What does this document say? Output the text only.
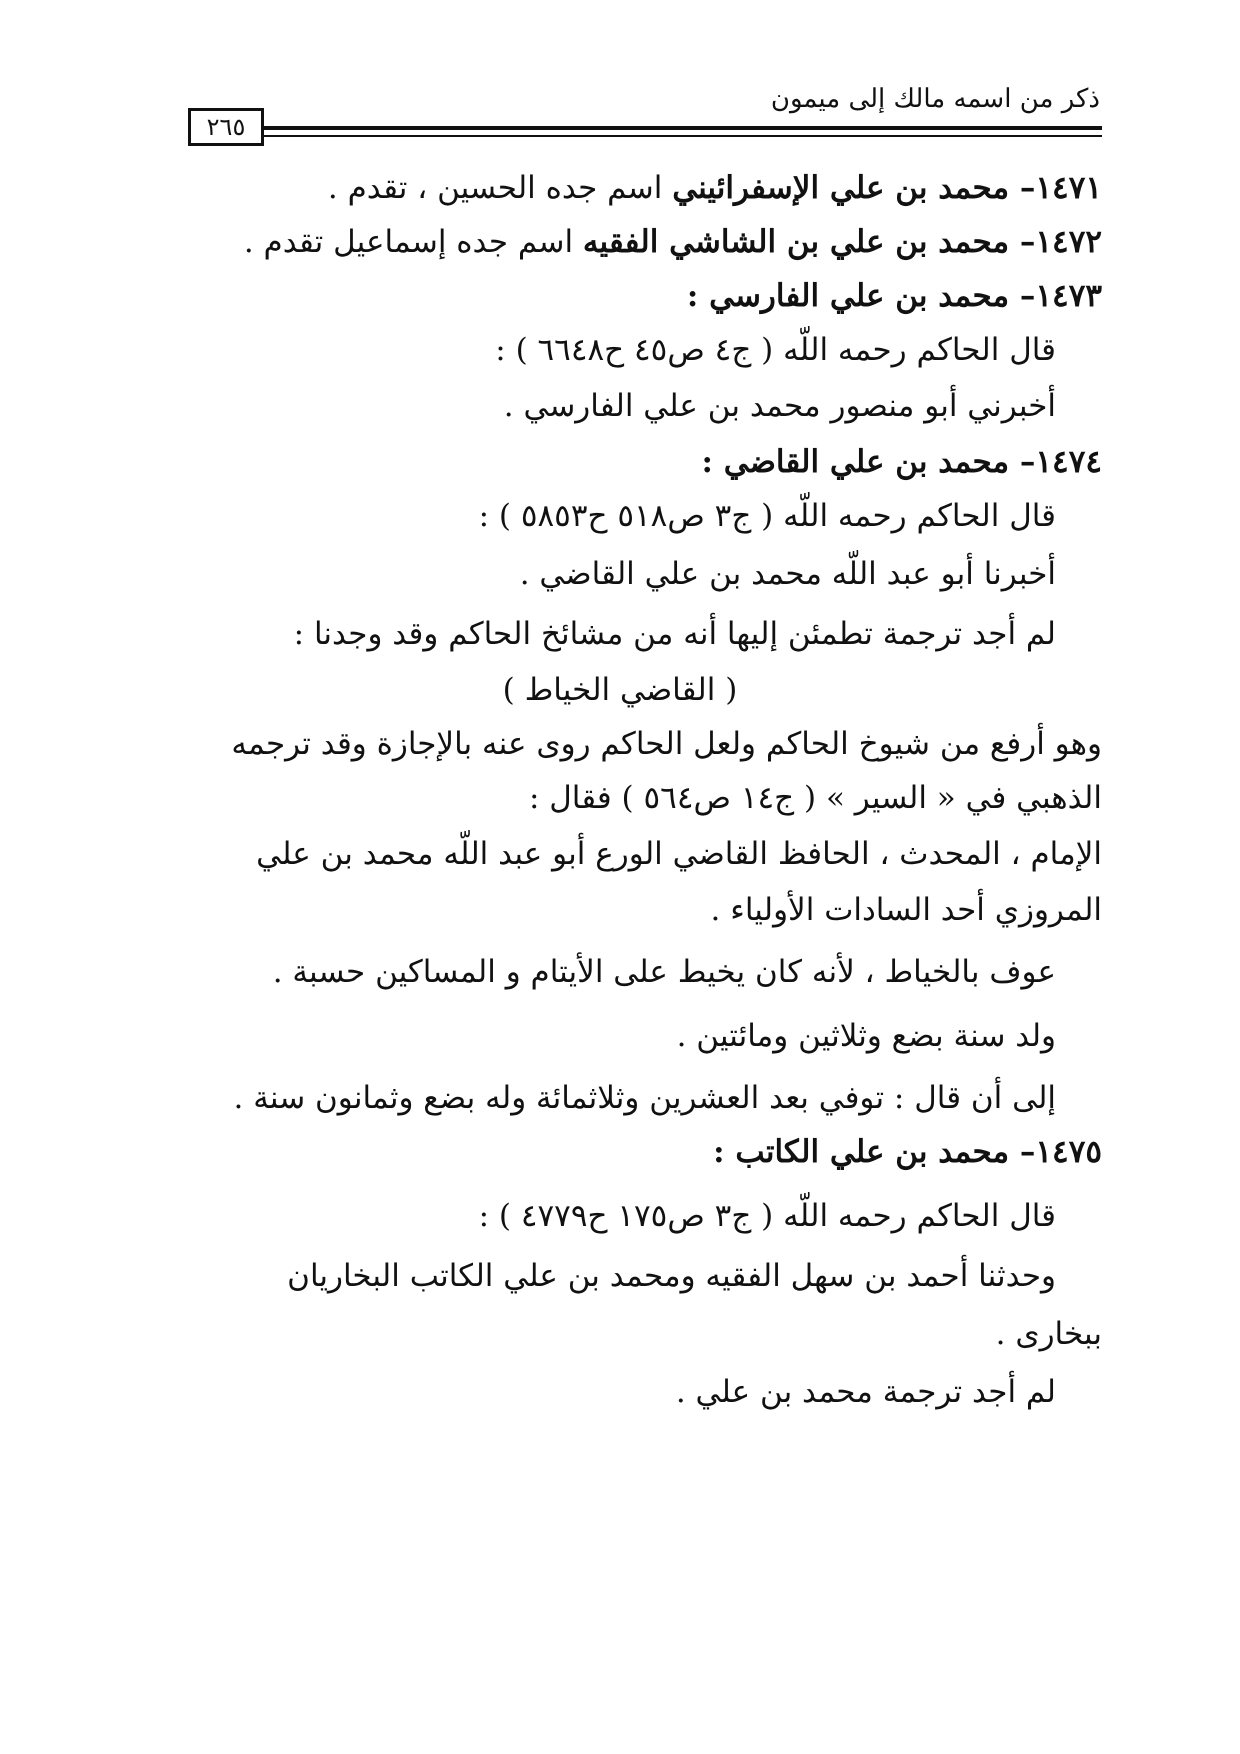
ذكر من اسمه مالك إلى ميمون
٢٦٥
١٤٧١– محمد بن علي الإسفرائيني اسم جده الحسين ، تقدم .
١٤٧٢– محمد بن علي بن الشاشي الفقيه اسم جده إسماعيل تقدم .
١٤٧٣– محمد بن علي الفارسي :
قال الحاكم رحمه اللّه ( ج٤ ص٤٥ ح٦٦٤٨ ) :
أخبرني أبو منصور محمد بن علي الفارسي .
١٤٧٤– محمد بن علي القاضي :
قال الحاكم رحمه اللّه ( ج٣ ص٥١٨ ح٥٨٥٣ ) :
أخبرنا أبو عبد اللّه محمد بن علي القاضي .
لم أجد ترجمة تطمئن إليها أنه من مشائخ الحاكم وقد وجدنا :
( القاضي الخياط )
وهو أرفع من شيوخ الحاكم ولعل الحاكم روى عنه بالإجازة وقد ترجمه
الذهبي في « السير » ( ج١٤ ص٥٦٤ ) فقال :
الإمام ، المحدث ، الحافظ القاضي الورع أبو عبد اللّه محمد بن علي
المروزي أحد السادات الأولياء .
عوف بالخياط ، لأنه كان يخيط على الأيتام و المساكين حسبة .
ولد سنة بضع وثلاثين ومائتين .
إلى أن قال : توفي بعد العشرين وثلاثمائة وله بضع وثمانون سنة .
١٤٧٥– محمد بن علي الكاتب :
قال الحاكم رحمه اللّه ( ج٣ ص١٧٥ ح٤٧٧٩ ) :
وحدثنا أحمد بن سهل الفقيه ومحمد بن علي الكاتب البخاريان
ببخارى .
لم أجد ترجمة محمد بن علي .
